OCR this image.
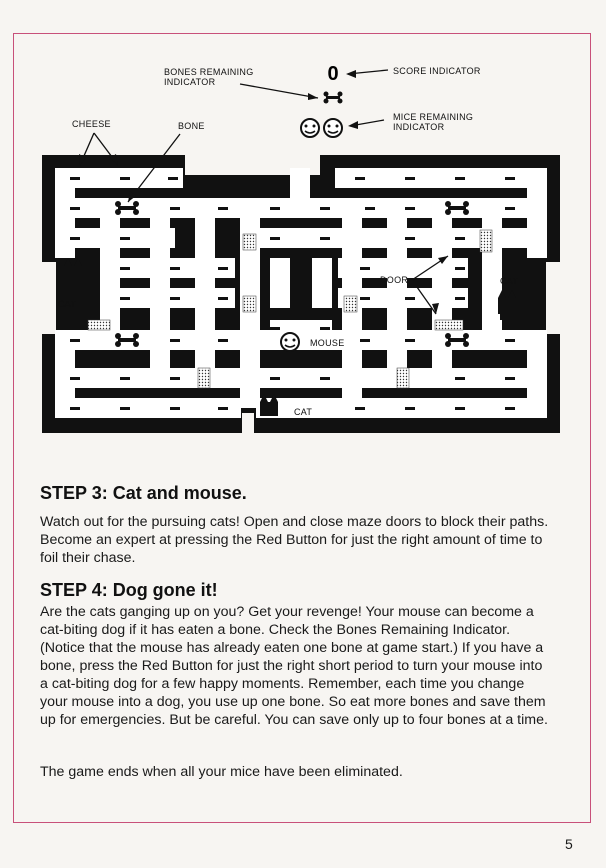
0
BONES REMAINING
INDICATOR
SCORE INDICATOR
MICE REMAINING
INDICATOR
CHEESE	BONE
CAT
CAT
CAT
DOOR
MOUSE
STEP 3: Cat and mouse.

Watch out for the pursuing cats! Open and close maze doors to block their paths. Become an expert at pressing the Red Button for just the right amount of time to foil their chase.

STEP 4: Dog gone it!

Are the cats ganging up on you? Get your revenge! Your mouse can become a cat-biting dog if it has eaten a bone. Check the Bones Remaining Indicator. (Notice that the mouse has already eaten one bone at game start.) If you have a bone, press the Red Button for just the right short period to turn your mouse into a cat-biting dog for a few happy moments. Remember, each time you change your mouse into a dog, you use up one bone. So eat more bones and save them up for emergencies. But be careful. You can save only up to four bones at a time.

The game ends when all your mice have been eliminated.

5
